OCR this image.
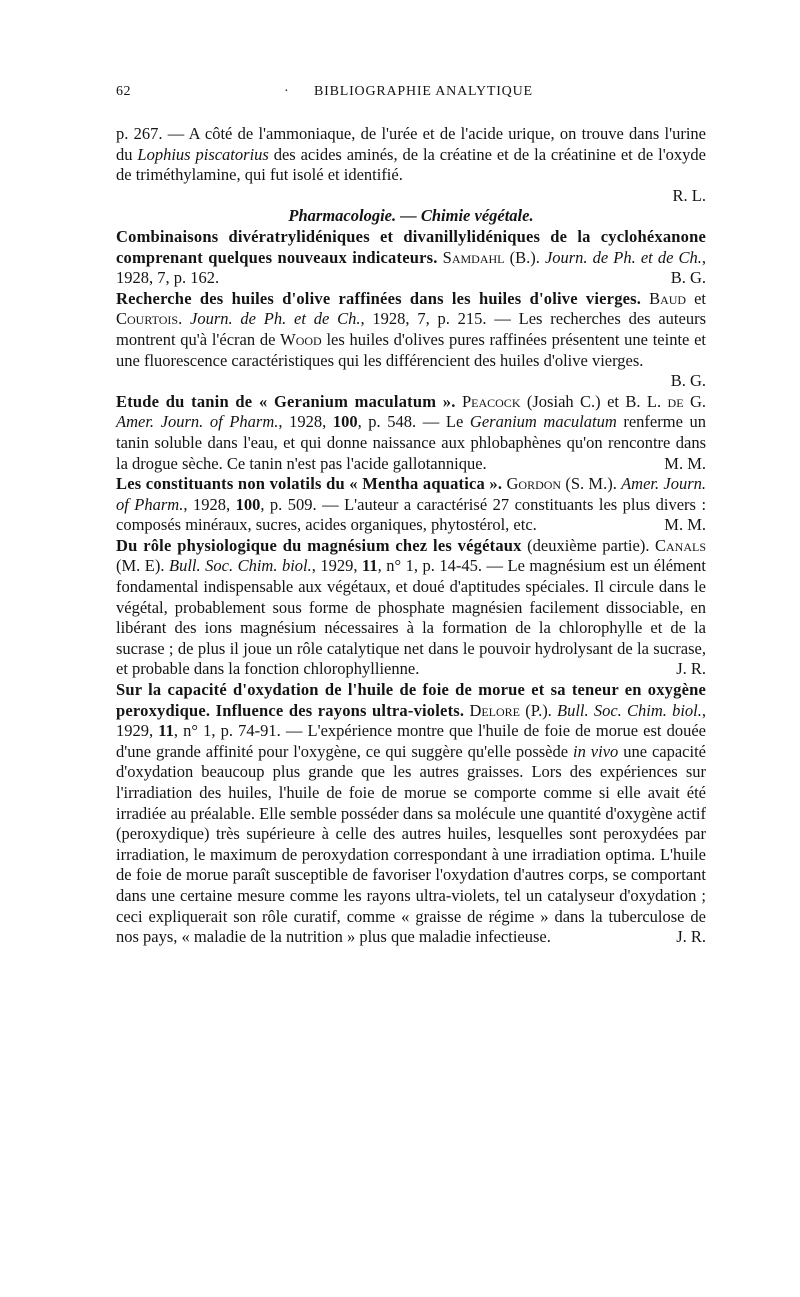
62	· BIBLIOGRAPHIE ANALYTIQUE

p. 267. — A côté de l'ammoniaque, de l'urée et de l'acide urique, on trouve dans l'urine du Lophius piscatorius des acides aminés, de la créatine et de la créatinine et de l'oxyde de triméthylamine, qui fut isolé et identifié.

R. L.

Pharmacologie. — Chimie végétale.

Combinaisons divératrylidéniques et divanillylidéniques de la cyclohéxanone comprenant quelques nouveaux indicateurs. Samdahl (B.). Journ. de Ph. et de Ch., 1928, 7, p. 162.	B. G.

Recherche des huiles d'olive raffinées dans les huiles d'olive vierges. Baud et Courtois. Journ. de Ph. et de Ch., 1928, 7, p. 215. — Les recherches des auteurs montrent qu'à l'écran de Wood les huiles d'olives pures raffinées présentent une teinte et une fluorescence caractéristiques qui les différencient des huiles d'olive vierges.

B. G.

Etude du tanin de « Geranium maculatum ». Peacock (Josiah C.) et B. L. de G. Amer. Journ. of Pharm., 1928, 100, p. 548. — Le Geranium maculatum renferme un tanin soluble dans l'eau, et qui donne naissance aux phlobaphènes qu'on rencontre dans la drogue sèche. Ce tanin n'est pas l'acide gallotannique.	M. M.

Les constituants non volatils du « Mentha aquatica ». Gordon (S. M.). Amer. Journ. of Pharm., 1928, 100, p. 509. — L'auteur a caractérisé 27 constituants les plus divers : composés minéraux, sucres, acides organiques, phytostérol, etc.	M. M.

Du rôle physiologique du magnésium chez les végétaux (deuxième partie). Canals (M. E). Bull. Soc. Chim. biol., 1929, 11, n° 1, p. 14-45. — Le magnésium est un élément fondamental indispensable aux végétaux, et doué d'aptitudes spéciales. Il circule dans le végétal, probablement sous forme de phosphate magnésien facilement dissociable, en libérant des ions magnésium nécessaires à la formation de la chlorophylle et de la sucrase ; de plus il joue un rôle catalytique net dans le pouvoir hydrolysant de la sucrase, et probable dans la fonction chlorophyllienne.	J. R.

Sur la capacité d'oxydation de l'huile de foie de morue et sa teneur en oxygène peroxydique. Influence des rayons ultra-violets. Delore (P.). Bull. Soc. Chim. biol., 1929, 11, n° 1, p. 74-91. — L'expérience montre que l'huile de foie de morue est douée d'une grande affinité pour l'oxygène, ce qui suggère qu'elle possède in vivo une capacité d'oxydation beaucoup plus grande que les autres graisses. Lors des expériences sur l'irradiation des huiles, l'huile de foie de morue se comporte comme si elle avait été irradiée au préalable. Elle semble posséder dans sa molécule une quantité d'oxygène actif (peroxydique) très supérieure à celle des autres huiles, lesquelles sont peroxydées par irradiation, le maximum de peroxydation correspondant à une irradiation optima. L'huile de foie de morue paraît susceptible de favoriser l'oxydation d'autres corps, se comportant dans une certaine mesure comme les rayons ultra-violets, tel un catalyseur d'oxydation ; ceci expliquerait son rôle curatif, comme « graisse de régime » dans la tuberculose de nos pays, « maladie de la nutrition » plus que maladie infectieuse.	J. R.
